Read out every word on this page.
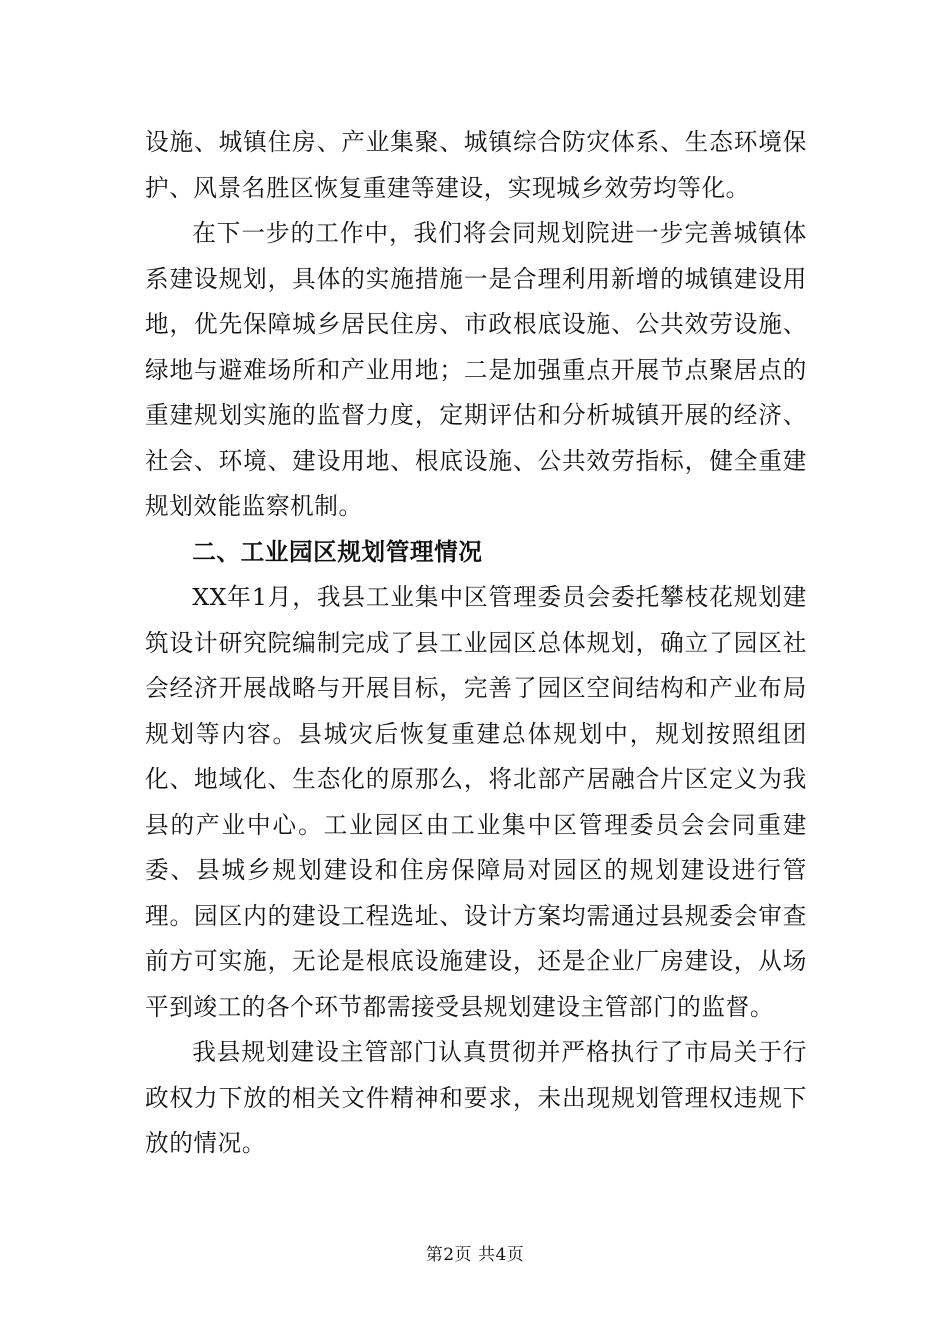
设施、城镇住房、产业集聚、城镇综合防灾体系、生态环境保护、风景名胜区恢复重建等建设，实现城乡效劳均等化。

在下一步的工作中，我们将会同规划院进一步完善城镇体系建设规划，具体的实施措施一是合理利用新增的城镇建设用地，优先保障城乡居民住房、市政根底设施、公共效劳设施、绿地与避难场所和产业用地；二是加强重点开展节点聚居点的重建规划实施的监督力度，定期评估和分析城镇开展的经济、社会、环境、建设用地、根底设施、公共效劳指标，健全重建规划效能监察机制。

二、工业园区规划管理情况

XX年1月，我县工业集中区管理委员会委托攀枝花规划建筑设计研究院编制完成了县工业园区总体规划，确立了园区社会经济开展战略与开展目标，完善了园区空间结构和产业布局规划等内容。县城灾后恢复重建总体规划中，规划按照组团化、地域化、生态化的原那么，将北部产居融合片区定义为我县的产业中心。工业园区由工业集中区管理委员会会同重建委、县城乡规划建设和住房保障局对园区的规划建设进行管理。园区内的建设工程选址、设计方案均需通过县规委会审查前方可实施，无论是根底设施建设，还是企业厂房建设，从场平到竣工的各个环节都需接受县规划建设主管部门的监督。

我县规划建设主管部门认真贯彻并严格执行了市局关于行政权力下放的相关文件精神和要求，未出现规划管理权违规下放的情况。

第2页 共4页
